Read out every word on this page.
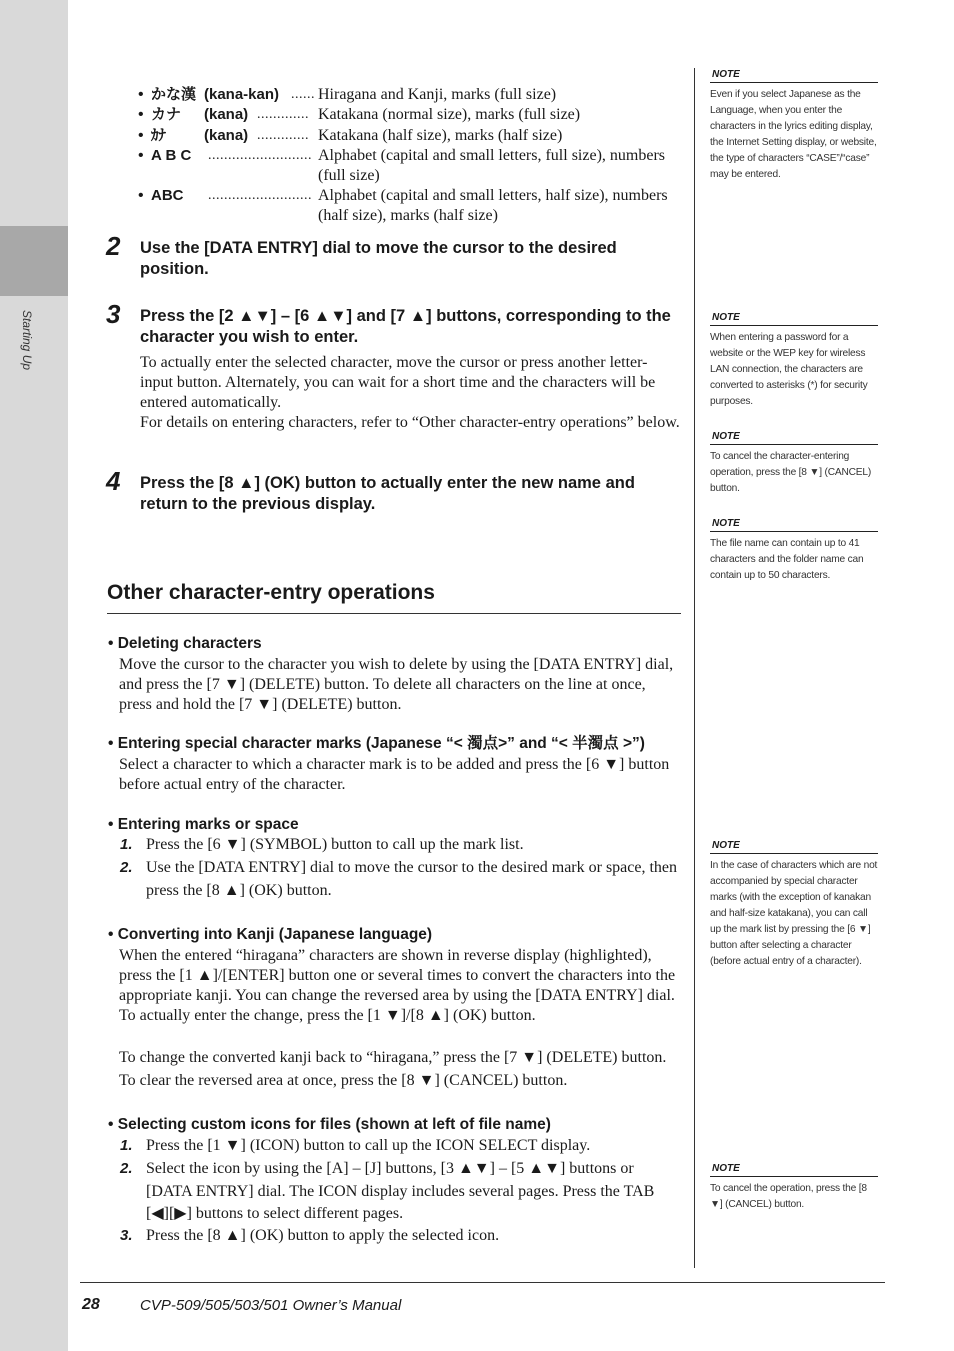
Starting Up
• かな漢 (kana-kan) ...... Hiragana and Kanji, marks (full size)
• カナ (kana) ............. Katakana (normal size), marks (full size)
• ｶﾅ	(kana) ............. Katakana (half size), marks (half size)
• A B C .......................... Alphabet (capital and small letters, full size), numbers (full size)
• ABC .......................... Alphabet (capital and small letters, half size), numbers (half size), marks (half size)
2 Use the [DATA ENTRY] dial to move the cursor to the desired position.
3 Press the [2 ▲▼] – [6 ▲▼] and [7 ▲] buttons, corresponding to the character you wish to enter.
To actually enter the selected character, move the cursor or press another letter-input button. Alternately, you can wait for a short time and the characters will be entered automatically.
For details on entering characters, refer to “Other character-entry operations” below.
4 Press the [8 ▲] (OK) button to actually enter the new name and return to the previous display.
Other character-entry operations
• Deleting characters
Move the cursor to the character you wish to delete by using the [DATA ENTRY] dial, and press the [7 ▼] (DELETE) button. To delete all characters on the line at once, press and hold the [7 ▼] (DELETE) button.
• Entering special character marks (Japanese “< 濁点>” and “< 半濁点 >”)
Select a character to which a character mark is to be added and press the [6 ▼] button before actual entry of the character.
• Entering marks or space
1. Press the [6 ▼] (SYMBOL) button to call up the mark list.
2. Use the [DATA ENTRY] dial to move the cursor to the desired mark or space, then press the [8 ▲] (OK) button.
• Converting into Kanji (Japanese language)
When the entered “hiragana” characters are shown in reverse display (highlighted), press the [1 ▲]/[ENTER] button one or several times to convert the characters into the appropriate kanji. You can change the reversed area by using the [DATA ENTRY] dial. To actually enter the change, press the [1 ▼]/[8 ▲] (OK) button.
To change the converted kanji back to “hiragana,” press the [7 ▼] (DELETE) button.
To clear the reversed area at once, press the [8 ▼] (CANCEL) button.
• Selecting custom icons for files (shown at left of file name)
1. Press the [1 ▼] (ICON) button to call up the ICON SELECT display.
2. Select the icon by using the [A] – [J] buttons, [3 ▲▼] – [5 ▲▼] buttons or [DATA ENTRY] dial. The ICON display includes several pages. Press the TAB [◀][▶] buttons to select different pages.
3. Press the [8 ▲] (OK) button to apply the selected icon.
NOTE
Even if you select Japanese as the Language, when you enter the characters in the lyrics editing display, the Internet Setting display, or website, the type of characters “CASE”/“case” may be entered.
NOTE
When entering a password for a website or the WEP key for wireless LAN connection, the characters are converted to asterisks (*) for security purposes.
NOTE
To cancel the character-entering operation, press the [8 ▼] (CANCEL) button.
NOTE
The file name can contain up to 41 characters and the folder name can contain up to 50 characters.
NOTE
In the case of characters which are not accompanied by special character marks (with the exception of kanakan and half-size katakana), you can call up the mark list by pressing the [6 ▼] button after selecting a character (before actual entry of a character).
NOTE
To cancel the operation, press the [8 ▼] (CANCEL) button.
28	CVP-509/505/503/501 Owner’s Manual
